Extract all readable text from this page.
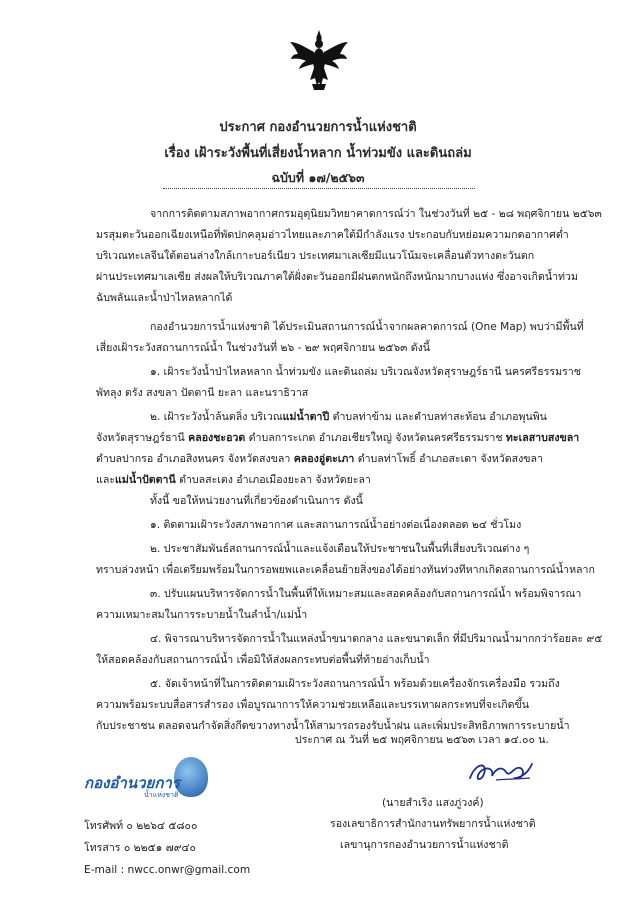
ประกาศ กองอำนวยการน้ำแห่งชาติ
เรื่อง เฝ้าระวังพื้นที่เสี่ยงน้ำหลาก น้ำท่วมขัง และดินถล่ม
ฉบับที่ ๑๗/๒๕๖๓
จากการติดตามสภาพอากาศกรมอุตุนิยมวิทยาคาดการณ์ว่า ในช่วงวันที่ ๒๕ - ๒๘ พฤศจิกายน ๒๕๖๓
มรสุมตะวันออกเฉียงเหนือที่พัดปกคลุมอ่าวไทยและภาคใต้มีกำลังแรง ประกอบกับหย่อมความกดอากาศต่ำ
บริเวณทะเลจีนใต้ตอนล่างใกล้เกาะบอร์เนียว ประเทศมาเลเซียมีแนวโน้มจะเคลื่อนตัวทางตะวันตก
ผ่านประเทศมาเลเซีย ส่งผลให้บริเวณภาคใต้ฝั่งตะวันออกมีฝนตกหนักถึงหนักมากบางแห่ง ซึ่งอาจเกิดน้ำท่วม
ฉับพลันและน้ำป่าไหลหลากได้
กองอำนวยการน้ำแห่งชาติ ได้ประเมินสถานการณ์น้ำจากผลคาดการณ์ (One Map) พบว่ามีพื้นที่
เสี่ยงเฝ้าระวังสถานการณ์น้ำ ในช่วงวันที่ ๒๖ - ๒๙ พฤศจิกายน ๒๕๖๓ ดังนี้
๑. เฝ้าระวังน้ำป่าไหลหลาก น้ำท่วมขัง และดินถล่ม บริเวณจังหวัดสุราษฎร์ธานี นครศรีธรรมราช
พัทลุง ตรัง สงขลา ปัตตานี ยะลา และนราธิวาส
๒. เฝ้าระวังน้ำล้นตลิ่ง บริเวณแม่น้ำตาปี ตำบลท่าข้าม และตำบลท่าสะท้อน อำเภอพุนพิน
จังหวัดสุราษฎร์ธานี คลองชะอวด ตำบลการะเกด อำเภอเชียรใหญ่ จังหวัดนครศรีธรรมราช ทะเลสาบสงขลา
ตำบลปากรอ อำเภอสิงหนคร จังหวัดสงขลา คลองอู่ตะเภา ตำบลท่าโพธิ์ อำเภอสะเดา จังหวัดสงขลา
และแม่น้ำปัตตานี ตำบลสะเตง อำเภอเมืองยะลา จังหวัดยะลา
ทั้งนี้ ขอให้หน่วยงานที่เกี่ยวข้องดำเนินการ ดังนี้
๑. ติดตามเฝ้าระวังสภาพอากาศ และสถานการณ์น้ำอย่างต่อเนื่องตลอด ๒๔ ชั่วโมง
๒. ประชาสัมพันธ์สถานการณ์น้ำและแจ้งเตือนให้ประชาชนในพื้นที่เสี่ยงบริเวณต่าง ๆ
ทราบล่วงหน้า เพื่อเตรียมพร้อมในการอพยพและเคลื่อนย้ายสิ่งของได้อย่างทันท่วงทีหากเกิดสถานการณ์น้ำหลาก
๓. ปรับแผนบริหารจัดการน้ำในพื้นที่ให้เหมาะสมและสอดคล้องกับสถานการณ์น้ำ พร้อมพิจารณา
ความเหมาะสมในการระบายน้ำในลำน้ำ/แม่น้ำ
๔. พิจารณาบริหารจัดการน้ำในแหล่งน้ำขนาดกลาง และขนาดเล็ก ที่มีปริมาณน้ำมากกว่าร้อยละ ๙๕
ให้สอดคล้องกับสถานการณ์น้ำ เพื่อมิให้ส่งผลกระทบต่อพื้นที่ท้ายอ่างเก็บน้ำ
๕. จัดเจ้าหน้าที่ในการติดตามเฝ้าระวังสถานการณ์น้ำ พร้อมด้วยเครื่องจักรเครื่องมือ รวมถึง
ความพร้อมระบบสื่อสารสำรอง เพื่อบูรณาการให้ความช่วยเหลือและบรรเทาผลกระทบที่จะเกิดขึ้น
กับประชาชน ตลอดจนกำจัดสิ่งกีดขวางทางน้ำให้สามารถรองรับน้ำฝน และเพิ่มประสิทธิภาพการระบายน้ำ
ประกาศ ณ วันที่ ๒๕ พฤศจิกายน ๒๕๖๓ เวลา ๑๔.๐๐ น.
(นายสำเริง แสงภู่วงค์)
รองเลขาธิการสำนักงานทรัพยากรน้ำแห่งชาติ
เลขานุการกองอำนวยการน้ำแห่งชาติ
กองอำนวยการ
น้ำแห่งชาติ
โทรศัพท์ ๐ ๒๒๖๔ ๕๘๐๐
โทรสาร ๐ ๒๒๕๑ ๗๙๔๐
E-mail : nwcc.onwr@gmail.com
